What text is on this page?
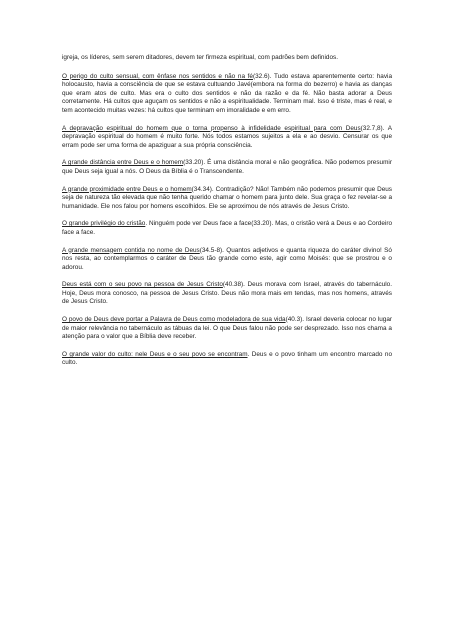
igreja, os líderes, sem serem ditadores, devem ter firmeza espiritual, com padrões bem definidos.

O perigo do culto sensual, com ênfase nos sentidos e não na fé(32.6). Tudo estava aparentemente certo: havia holocausto, havia a consciência de que se estava cultuando Javé(embora na forma do bezerro) e havia as danças que eram atos de culto. Mas era o culto dos sentidos e não da razão e da fé. Não basta adorar a Deus corretamente. Há cultos que aguçam os sentidos e não a espiritualidade. Terminam mal. Isso é triste, mas é real, e tem acontecido muitas vezes: há cultos que terminam em imoralidade e em erro.

A depravação espiritual do homem que o torna propenso à infidelidade espiritual para com Deus(32.7,8). A depravação espiritual do homem é muito forte. Nós todos estamos sujeitos a ela e ao desvio. Censurar os que erram pode ser uma forma de apaziguar a sua própria consciência.

A grande distância entre Deus e o homem(33.20). É uma distância moral e não geográfica. Não podemos presumir que Deus seja igual a nós. O Deus da Bíblia é o Transcendente.

A grande proximidade entre Deus e o homem(34.34). Contradição? Não! Também não podemos presumir que Deus seja de natureza tão elevada que não tenha querido chamar o homem para junto dele. Sua graça o fez revelar-se a humanidade. Ele nos falou por homens escolhidos. Ele se aproximou de nós através de Jesus Cristo.

O grande privilégio do cristão. Ninguém pode ver Deus face a face(33.20). Mas, o cristão verá a Deus e ao Cordeiro face a face.

A grande mensagem contida no nome de Deus(34.5-8). Quantos adjetivos e quanta riqueza do caráter divino! Só nos resta, ao contemplarmos o caráter de Deus tão grande como este, agir como Moisés: que se prostrou e o adorou.

Deus está com o seu povo na pessoa de Jesus Cristo(40.38). Deus morava com Israel, através do tabernáculo. Hoje, Deus mora conosco, na pessoa de Jesus Cristo. Deus não mora mais em tendas, mas nos homens, através de Jesus Cristo.

O povo de Deus deve portar a Palavra de Deus como modeladora de sua vida(40.3). Israel deveria colocar no lugar de maior relevância no tabernáculo as tábuas da lei. O que Deus falou não pode ser desprezado. Isso nos chama a atenção para o valor que a Bíblia deve receber.

O grande valor do culto: nele Deus e o seu povo se encontram. Deus e o povo tinham um encontro marcado no culto.
